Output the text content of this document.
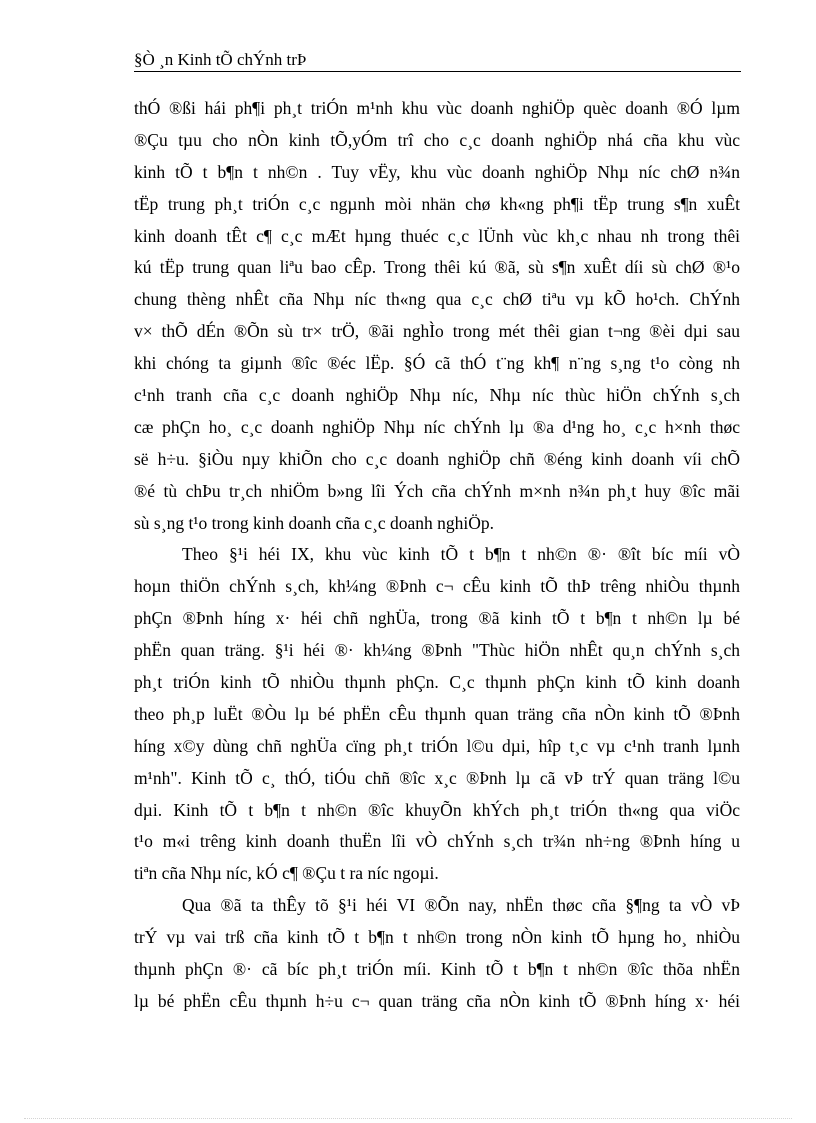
§Ò ¸n Kinh tÕ chÝnh trÞ
thÓ ®ßi hái ph¶i ph¸t triÓn m¹nh khu vùc doanh nghiÖp quèc doanh ®Ó lµm
®Çu tµu cho nÒn kinh tÕ,yÓm trî cho c¸c doanh nghiÖp nhá cña khu vùc
kinh tÕ t b¶n t nh©n . Tuy vËy, khu vùc doanh nghiÖp Nhµ níc chØ n¾n
tËp trung ph¸t triÓn c¸c ngµnh mòi nhän chø kh«ng ph¶i tËp trung s¶n xuÊt
kinh doanh tÊt c¶ c¸c mÆt hµng thuéc c¸c lÜnh vùc kh¸c nhau nh trong thêi
kú tËp trung quan liªu bao cÊp. Trong thêi kú ®ã, sù s¶n xuÊt díi sù chØ ®¹o
chung thèng nhÊt cña Nhµ níc th«ng qua c¸c chØ tiªu vµ kÕ ho¹ch. ChÝnh
v× thÕ dÉn ®Õn sù tr× trÖ, ®ãi nghÌo trong mét thêi gian t¬ng ®èi dµi sau
khi chóng ta giµnh ®îc ®éc lËp. §Ó cã thÓ t¨ng kh¶ n¨ng s¸ng t¹o còng nh
c¹nh tranh cña c¸c doanh nghiÖp Nhµ níc, Nhµ níc thùc hiÖn chÝnh s¸ch
cæ phÇn ho¸ c¸c doanh nghiÖp Nhµ níc chÝnh lµ ®a d¹ng ho¸ c¸c h×nh thøc
së h÷u. §iÒu nµy khiÕn cho c¸c doanh nghiÖp chñ ®éng kinh doanh víi chÕ
®é tù chÞu tr¸ch nhiÖm b»ng lîi Ých cña chÝnh m×nh n¾n ph¸t huy ®îc mãi
sù s¸ng t¹o trong kinh doanh cña c¸c doanh nghiÖp.
Theo §¹i héi IX, khu vùc kinh tÕ t b¶n t nh©n ®· ®ît bíc míi vÒ
hoµn thiÖn chÝnh s¸ch, kh¼ng ®Þnh c¬ cÊu kinh tÕ thÞ trêng nhiÒu thµnh
phÇn ®Þnh híng x· héi chñ nghÜa, trong ®ã kinh tÕ t b¶n t nh©n lµ bé
phËn quan träng. §¹i héi ®· kh¼ng ®Þnh "Thùc hiÖn nhÊt qu¸n chÝnh s¸ch
ph¸t triÓn kinh tÕ nhiÒu thµnh phÇn. C¸c thµnh phÇn kinh tÕ kinh doanh
theo ph¸p luËt ®Òu lµ bé phËn cÊu thµnh quan träng cña nÒn kinh tÕ ®Þnh
híng x©y dùng chñ nghÜa cïng ph¸t triÓn l©u dµi, hîp t¸c vµ c¹nh tranh lµnh
m¹nh". Kinh tÕ c¸ thÓ, tiÓu chñ ®îc x¸c ®Þnh lµ cã vÞ trÝ quan träng l©u
dµi. Kinh tÕ t b¶n t nh©n ®îc khuyÕn khÝch ph¸t triÓn th«ng qua viÖc
t¹o m«i trêng kinh doanh thuËn lîi vÒ chÝnh s¸ch tr¾n nh÷ng ®Þnh híng u
tiªn cña Nhµ níc, kÓ c¶ ®Çu t ra níc ngoµi.
Qua ®ã ta thÊy tõ §¹i héi VI ®Õn nay, nhËn thøc cña §¶ng ta vÒ vÞ
trÝ vµ vai trß cña kinh tÕ t b¶n t nh©n trong nÒn kinh tÕ hµng ho¸ nhiÒu
thµnh phÇn ®· cã bíc ph¸t triÓn míi. Kinh tÕ t b¶n t nh©n ®îc thõa nhËn
lµ bé phËn cÊu thµnh h÷u c¬ quan träng cña nÒn kinh tÕ ®Þnh híng x· héi
